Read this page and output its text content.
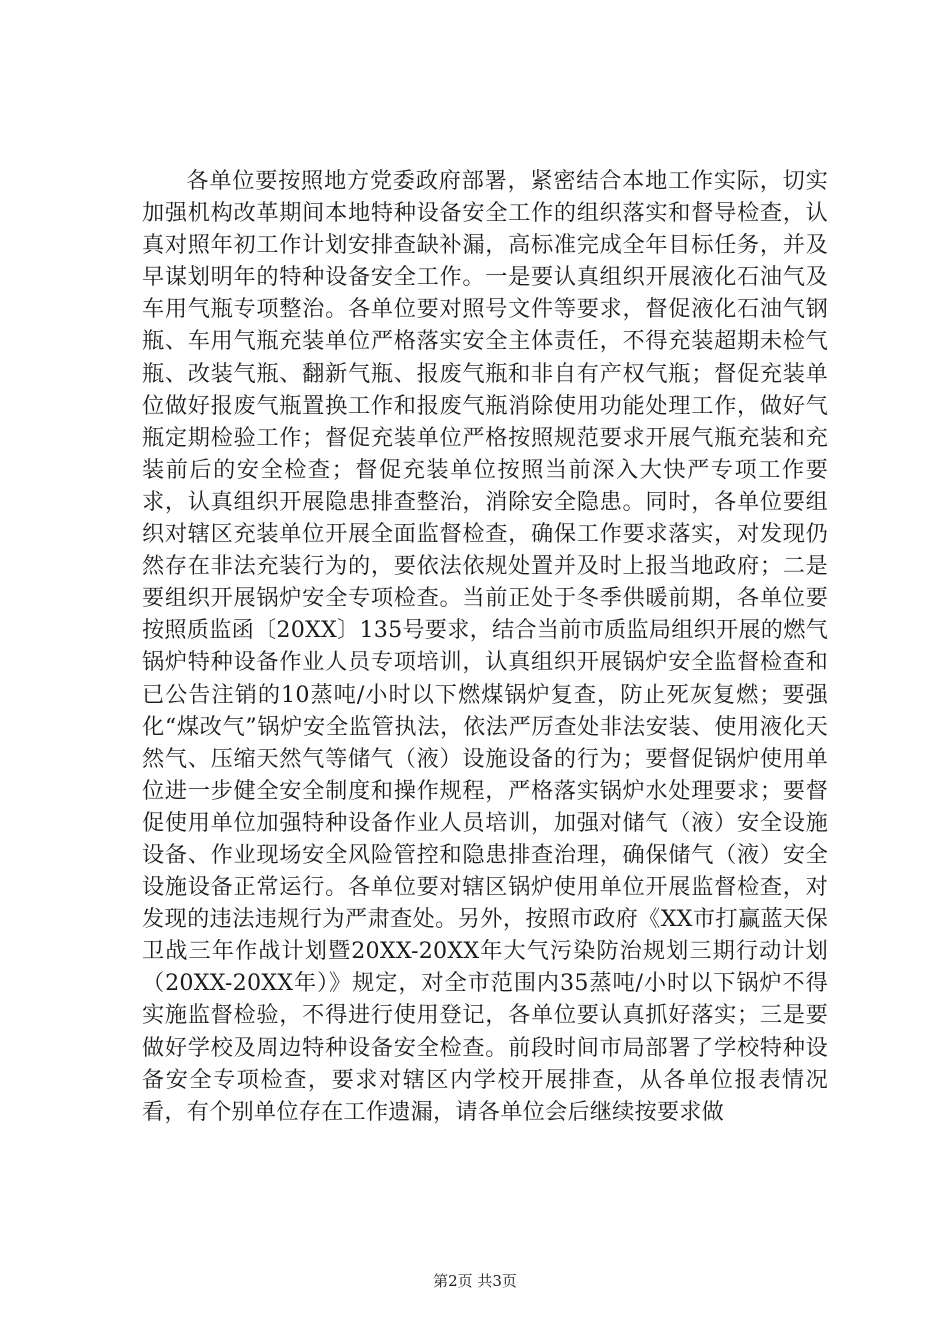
各单位要按照地方党委政府部署，紧密结合本地工作实际，切实加强机构改革期间本地特种设备安全工作的组织落实和督导检查，认真对照年初工作计划安排查缺补漏，高标准完成全年目标任务，并及早谋划明年的特种设备安全工作。一是要认真组织开展液化石油气及车用气瓶专项整治。各单位要对照号文件等要求，督促液化石油气钢瓶、车用气瓶充装单位严格落实安全主体责任，不得充装超期未检气瓶、改装气瓶、翻新气瓶、报废气瓶和非自有产权气瓶；督促充装单位做好报废气瓶置换工作和报废气瓶消除使用功能处理工作，做好气瓶定期检验工作；督促充装单位严格按照规范要求开展气瓶充装和充装前后的安全检查；督促充装单位按照当前深入大快严专项工作要求，认真组织开展隐患排查整治，消除安全隐患。同时，各单位要组织对辖区充装单位开展全面监督检查，确保工作要求落实，对发现仍然存在非法充装行为的，要依法依规处置并及时上报当地政府；二是要组织开展锅炉安全专项检查。当前正处于冬季供暖前期，各单位要按照质监函〔20XX〕135号要求，结合当前市质监局组织开展的燃气锅炉特种设备作业人员专项培训，认真组织开展锅炉安全监督检查和已公告注销的10蒸吨/小时以下燃煤锅炉复查，防止死灰复燃；要强化“煤改气”锅炉安全监管执法，依法严厉查处非法安装、使用液化天然气、压缩天然气等储气（液）设施设备的行为；要督促锅炉使用单位进一步健全安全制度和操作规程，严格落实锅炉水处理要求；要督促使用单位加强特种设备作业人员培训，加强对储气（液）安全设施设备、作业现场安全风险管控和隐患排查治理，确保储气（液）安全设施设备正常运行。各单位要对辖区锅炉使用单位开展监督检查，对发现的违法违规行为严肃查处。另外，按照市政府《XX市打赢蓝天保卫战三年作战计划暨20XX-20XX年大气污染防治规划三期行动计划（20XX-20XX年）》规定，对全市范围内35蒸吨/小时以下锅炉不得实施监督检验，不得进行使用登记，各单位要认真抓好落实；三是要做好学校及周边特种设备安全检查。前段时间市局部署了学校特种设备安全专项检查，要求对辖区内学校开展排查，从各单位报表情况看，有个别单位存在工作遗漏，请各单位会后继续按要求做

第2页 共3页
